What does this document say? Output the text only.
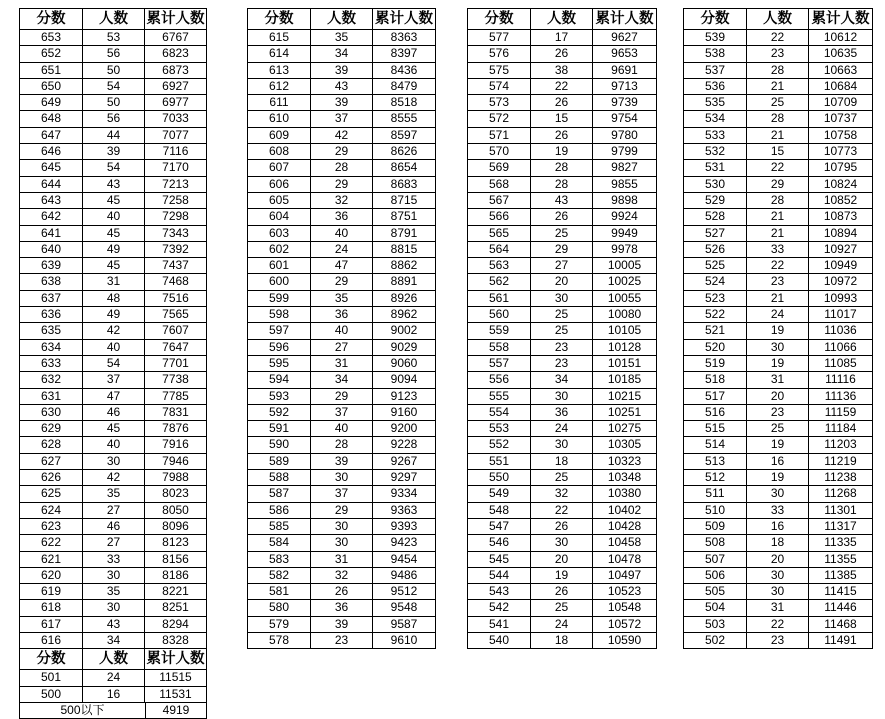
分数	人数	累计人数
653	53	6767
652	56	6823
651	50	6873
650	54	6927
649	50	6977
648	56	7033
647	44	7077
646	39	7116
645	54	7170
644	43	7213
643	45	7258
642	40	7298
641	45	7343
640	49	7392
639	45	7437
638	31	7468
637	48	7516
636	49	7565
635	42	7607
634	40	7647
633	54	7701
632	37	7738
631	47	7785
630	46	7831
629	45	7876
628	40	7916
627	30	7946
626	42	7988
625	35	8023
624	27	8050
623	46	8096
622	27	8123
621	33	8156
620	30	8186
619	35	8221
618	30	8251
617	43	8294
616	34	8328
分数	人数	累计人数
501	24	11515
500	16	11531
500以下	4919
分数	人数	累计人数
615	35	8363
614	34	8397
613	39	8436
612	43	8479
611	39	8518
610	37	8555
609	42	8597
608	29	8626
607	28	8654
606	29	8683
605	32	8715
604	36	8751
603	40	8791
602	24	8815
601	47	8862
600	29	8891
599	35	8926
598	36	8962
597	40	9002
596	27	9029
595	31	9060
594	34	9094
593	29	9123
592	37	9160
591	40	9200
590	28	9228
589	39	9267
588	30	9297
587	37	9334
586	29	9363
585	30	9393
584	30	9423
583	31	9454
582	32	9486
581	26	9512
580	36	9548
579	39	9587
578	23	9610
分数	人数	累计人数
577	17	9627
576	26	9653
575	38	9691
574	22	9713
573	26	9739
572	15	9754
571	26	9780
570	19	9799
569	28	9827
568	28	9855
567	43	9898
566	26	9924
565	25	9949
564	29	9978
563	27	10005
562	20	10025
561	30	10055
560	25	10080
559	25	10105
558	23	10128
557	23	10151
556	34	10185
555	30	10215
554	36	10251
553	24	10275
552	30	10305
551	18	10323
550	25	10348
549	32	10380
548	22	10402
547	26	10428
546	30	10458
545	20	10478
544	19	10497
543	26	10523
542	25	10548
541	24	10572
540	18	10590
分数	人数	累计人数
539	22	10612
538	23	10635
537	28	10663
536	21	10684
535	25	10709
534	28	10737
533	21	10758
532	15	10773
531	22	10795
530	29	10824
529	28	10852
528	21	10873
527	21	10894
526	33	10927
525	22	10949
524	23	10972
523	21	10993
522	24	11017
521	19	11036
520	30	11066
519	19	11085
518	31	11116
517	20	11136
516	23	11159
515	25	11184
514	19	11203
513	16	11219
512	19	11238
511	30	11268
510	33	11301
509	16	11317
508	18	11335
507	20	11355
506	30	11385
505	30	11415
504	31	11446
503	22	11468
502	23	11491
